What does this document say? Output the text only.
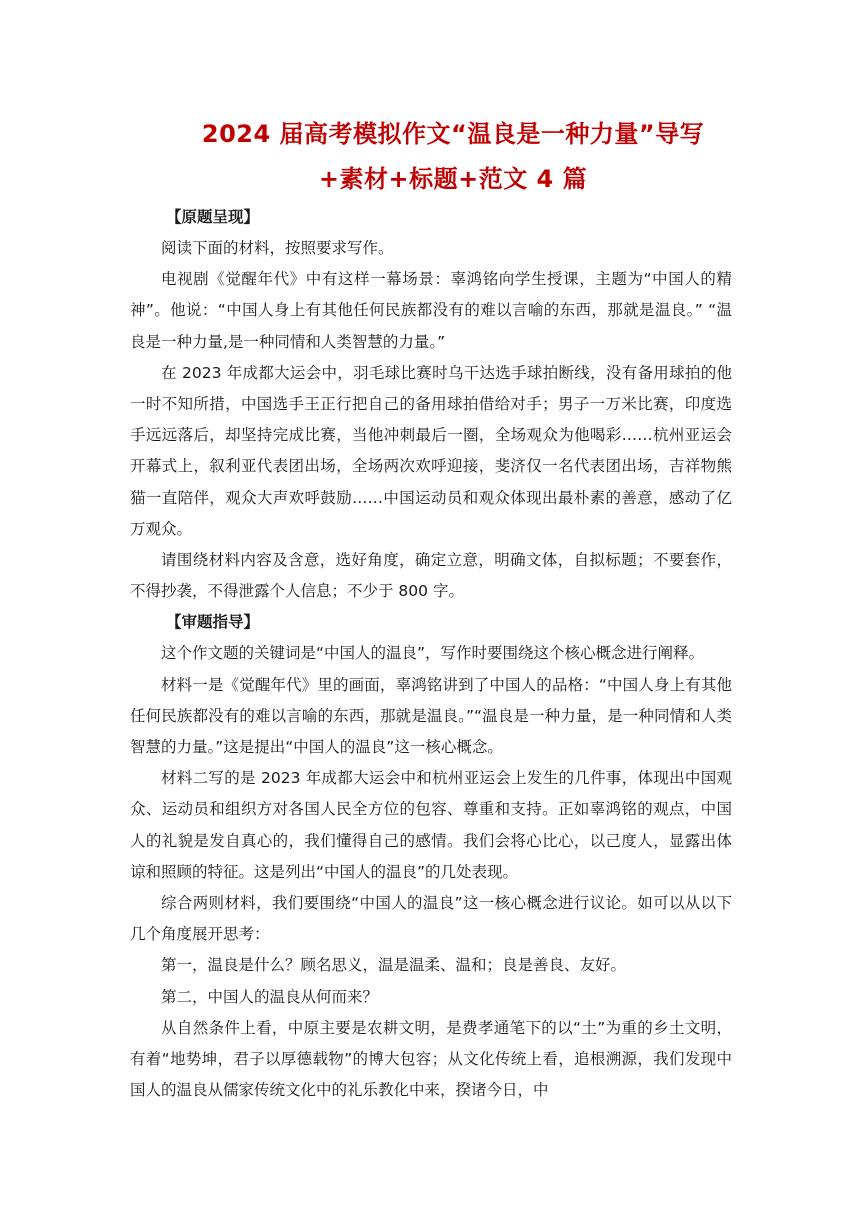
2024 届高考模拟作文“温良是一种力量”导写
+素材+标题+范文 4 篇

【原题呈现】

阅读下面的材料，按照要求写作。

电视剧《觉醒年代》中有这样一幕场景：辜鸿铭向学生授课，主题为“中国人的精神”。他说：“中国人身上有其他任何民族都没有的难以言喻的东西，那就是温良。” “温良是一种力量,是一种同情和人类智慧的力量。”

在 2023 年成都大运会中，羽毛球比赛时乌干达选手球拍断线，没有备用球拍的他一时不知所措，中国选手王正行把自己的备用球拍借给对手；男子一万米比赛，印度选手远远落后，却坚持完成比赛，当他冲刺最后一圈，全场观众为他喝彩……杭州亚运会开幕式上，叙利亚代表团出场，全场两次欢呼迎接，斐济仅一名代表团出场，吉祥物熊猫一直陪伴，观众大声欢呼鼓励……中国运动员和观众体现出最朴素的善意，感动了亿万观众。

请围绕材料内容及含意，选好角度，确定立意，明确文体，自拟标题；不要套作，不得抄袭，不得泄露个人信息；不少于 800 字。

【审题指导】

这个作文题的关键词是“中国人的温良”，写作时要围绕这个核心概念进行阐释。

材料一是《觉醒年代》里的画面，辜鸿铭讲到了中国人的品格：“中国人身上有其他任何民族都没有的难以言喻的东西，那就是温良。”“温良是一种力量，是一种同情和人类智慧的力量。”这是提出“中国人的温良”这一核心概念。

材料二写的是 2023 年成都大运会中和杭州亚运会上发生的几件事，体现出中国观众、运动员和组织方对各国人民全方位的包容、尊重和支持。正如辜鸿铭的观点，中国人的礼貌是发自真心的，我们懂得自己的感情。我们会将心比心，以己度人，显露出体谅和照顾的特征。这是列出“中国人的温良”的几处表现。

综合两则材料，我们要围绕“中国人的温良”这一核心概念进行议论。如可以从以下几个角度展开思考：

第一，温良是什么？顾名思义，温是温柔、温和；良是善良、友好。

第二，中国人的温良从何而来？

从自然条件上看，中原主要是农耕文明，是费孝通笔下的以“土”为重的乡土文明，有着“地势坤，君子以厚德载物”的博大包容；从文化传统上看，追根溯源，我们发现中国人的温良从儒家传统文化中的礼乐教化中来，揆诸今日，中
